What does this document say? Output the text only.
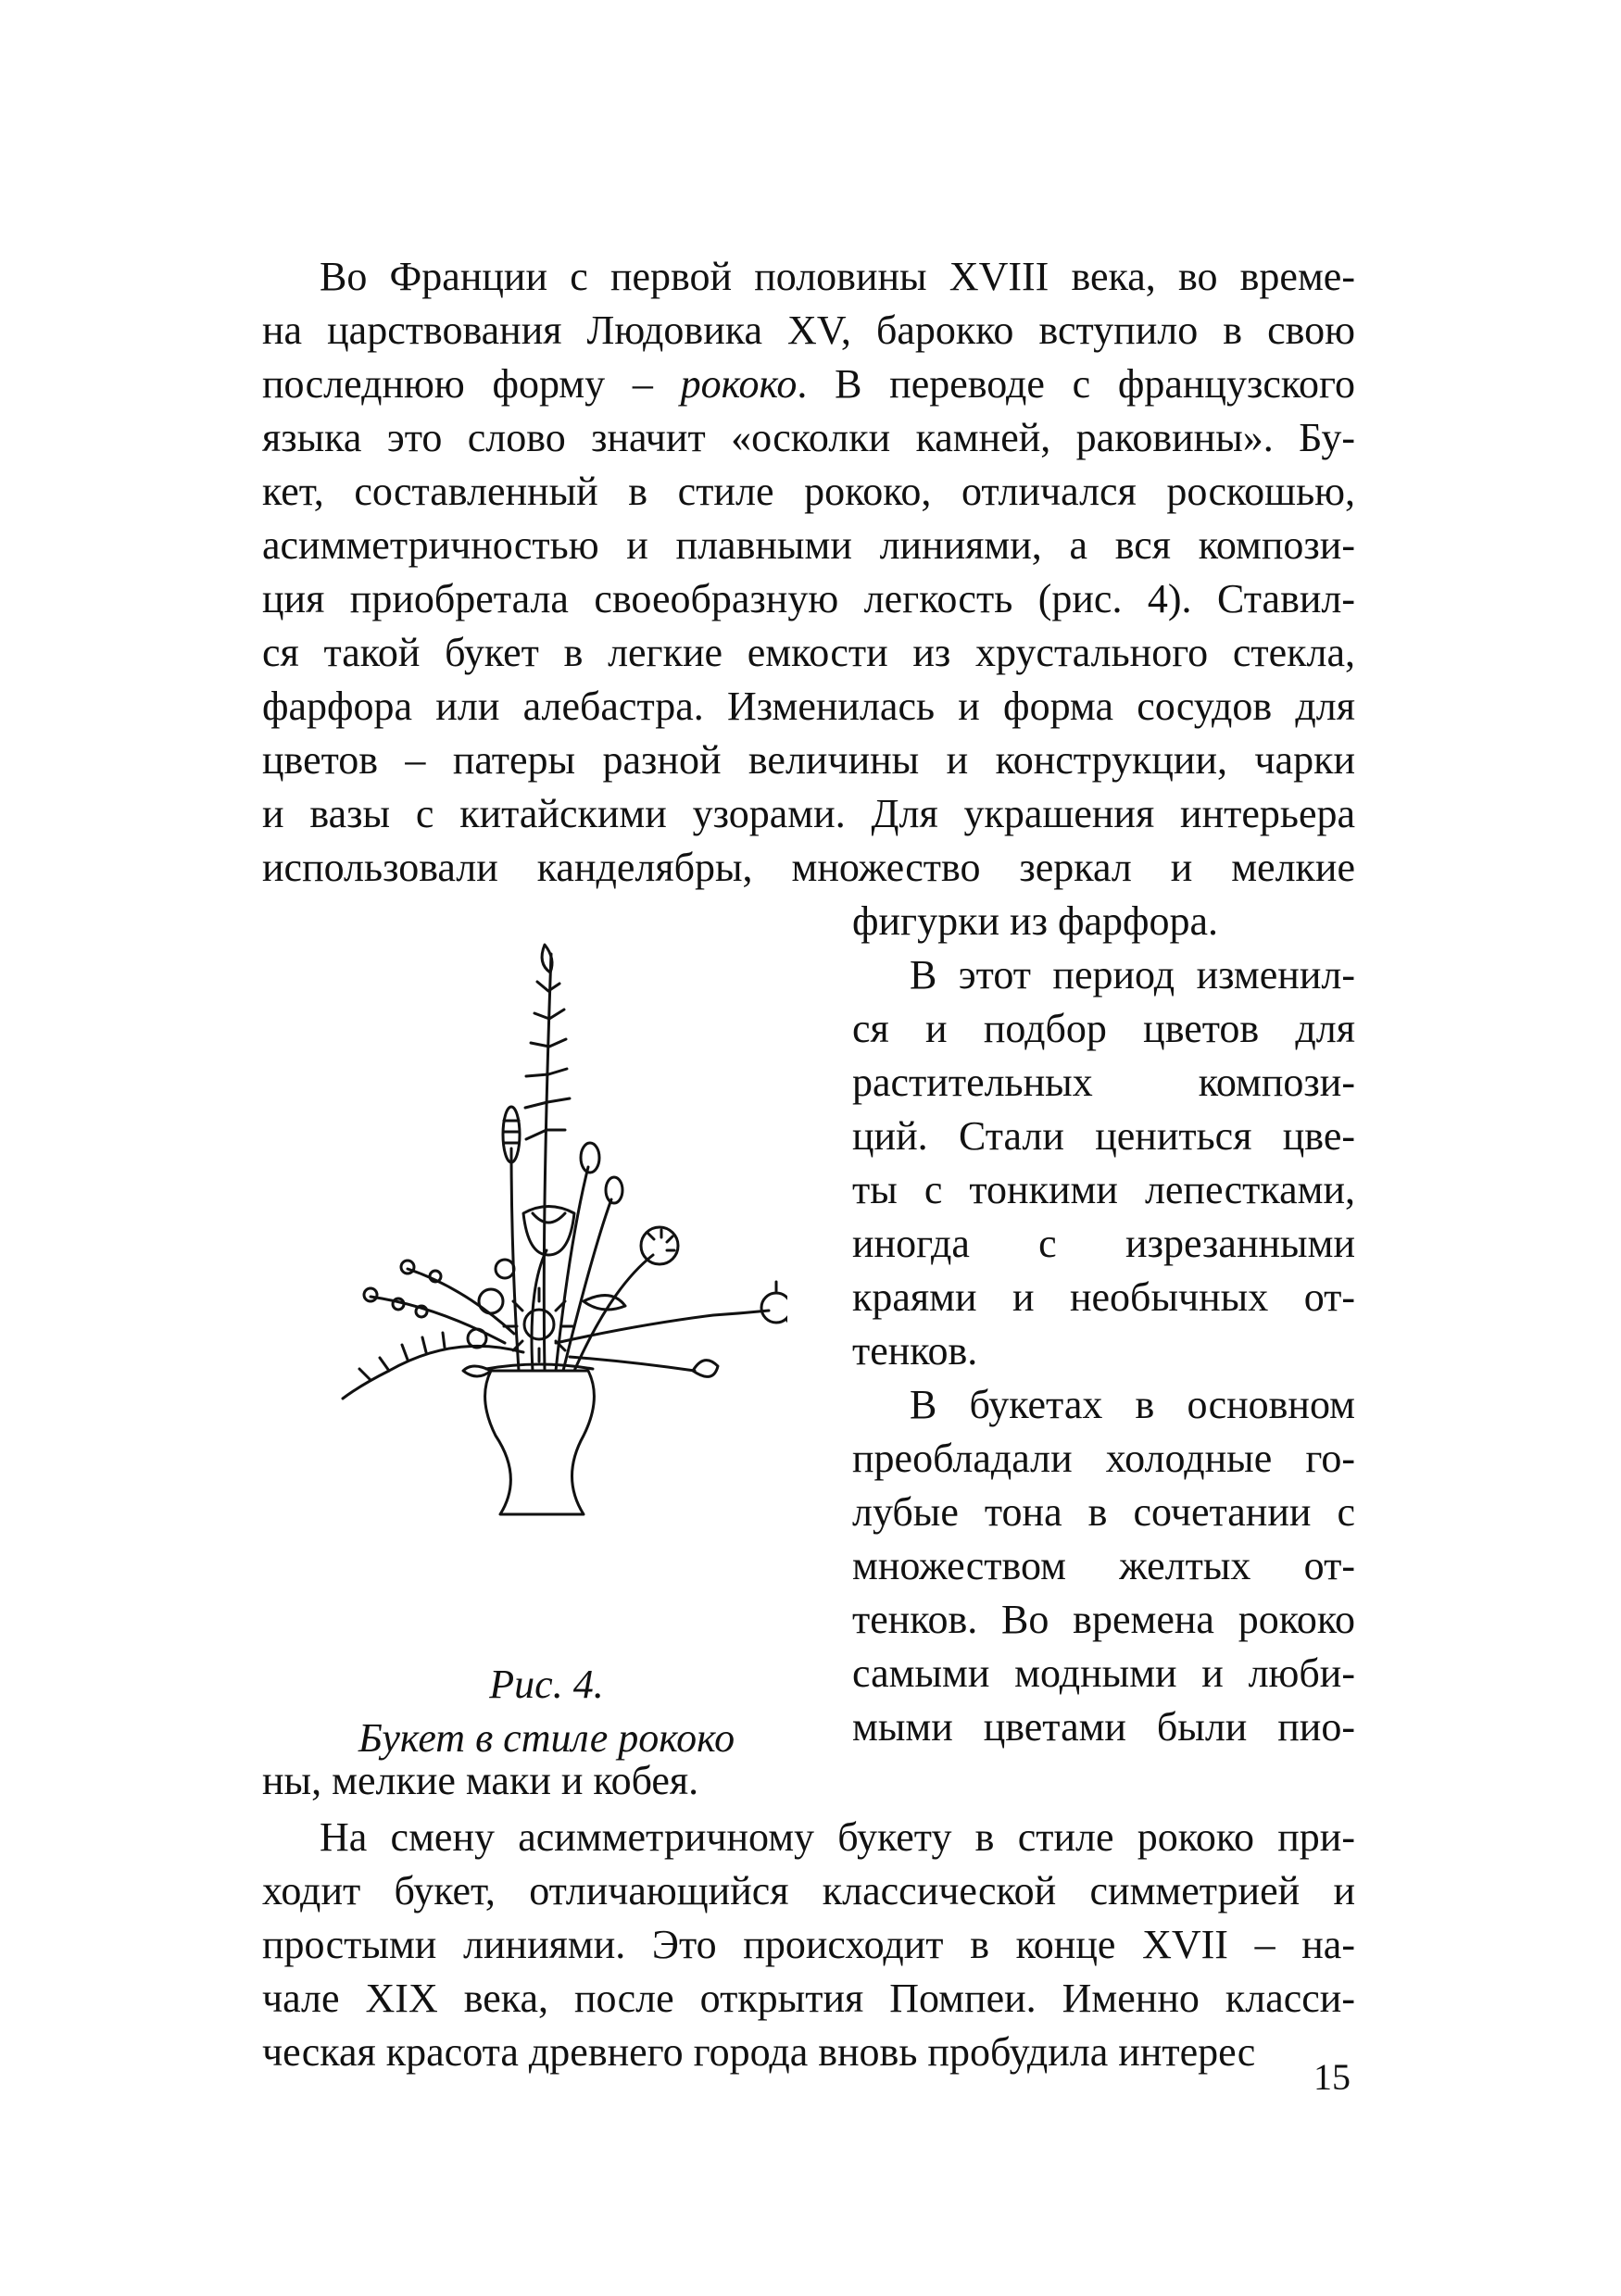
Во Франции с первой половины XVIII века, во време-
на царствования Людовика XV, барокко вступило в свою
последнюю форму – рококо. В переводе с французского
языка это слово значит «осколки камней, раковины». Бу-
кет, составленный в стиле рококо, отличался роскошью,
асимметричностью и плавными линиями, а вся компози-
ция приобретала своеобразную легкость (рис. 4). Ставил-
ся такой букет в легкие емкости из хрустального стекла,
фарфора или алебастра. Изменилась и форма сосудов для
цветов – патеры разной величины и конструкции, чарки
и вазы с китайскими узорами. Для украшения интерьера
использовали канделябры, множество зеркал и мелкие
фигурки из фарфора.
В этот период изменил-
ся и подбор цветов для
растительных компози-
ций. Стали цениться цве-
ты с тонкими лепестками,
иногда с изрезанными
краями и необычных от-
тенков.
В букетах в основном
преобладали холодные го-
лубые тона в сочетании с
множеством желтых от-
тенков. Во времена рококо
самыми модными и люби-
мыми цветами были пио-
ны, мелкие маки и кобея.
На смену асимметричному букету в стиле рококо при-
ходит букет, отличающийся классической симметрией и
простыми линиями. Это происходит в конце XVII – на-
чале XIX века, после открытия Помпеи. Именно класси-
ческая красота древнего города вновь пробудила интерес
Рис. 4.
Букет в стиле рококо
15
